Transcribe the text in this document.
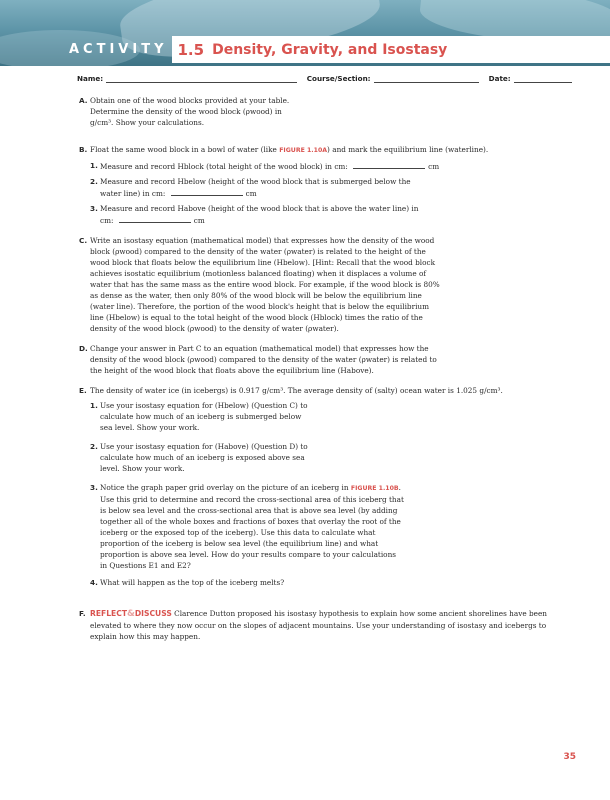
ACTIVITY 1.5 Density, Gravity, and Isostasy
Name:	Course/Section:	Date:
A. Obtain one of the wood blocks provided at your table. Determine the density of the wood block (ρwood) in g/cm³. Show your calculations.
B. Float the same wood block in a bowl of water (like FIGURE 1.10A) and mark the equilibrium line (waterline).
1. Measure and record Hblock (total height of the wood block) in cm:	cm
2. Measure and record Hbelow (height of the wood block that is submerged below the water line) in cm:	cm
3. Measure and record Habove (height of the wood block that is above the water line) in cm:	cm
C. Write an isostasy equation (mathematical model) that expresses how the density of the wood block (ρwood) compared to the density of the water (ρwater) is related to the height of the wood block that floats below the equilibrium line (Hbelow). [Hint: Recall that the wood block achieves isostatic equilibrium (motionless balanced floating) when it displaces a volume of water that has the same mass as the entire wood block. For example, if the wood block is 80% as dense as the water, then only 80% of the wood block will be below the equilibrium line (water line). Therefore, the portion of the wood block's height that is below the equilibrium line (Hbelow) is equal to the total height of the wood block (Hblock) times the ratio of the density of the wood block (ρwood) to the density of water (ρwater).
D. Change your answer in Part C to an equation (mathematical model) that expresses how the density of the wood block (ρwood) compared to the density of the water (ρwater) is related to the height of the wood block that floats above the equilibrium line (Habove).
E. The density of water ice (in icebergs) is 0.917 g/cm³. The average density of (salty) ocean water is 1.025 g/cm³.
1. Use your isostasy equation for (Hbelow) (Question C) to calculate how much of an iceberg is submerged below sea level. Show your work.
2. Use your isostasy equation for (Habove) (Question D) to calculate how much of an iceberg is exposed above sea level. Show your work.
3. Notice the graph paper grid overlay on the picture of an iceberg in FIGURE 1.10B. Use this grid to determine and record the cross-sectional area of this iceberg that is below sea level and the cross-sectional area that is above sea level (by adding together all of the whole boxes and fractions of boxes that overlay the root of the iceberg or the exposed top of the iceberg). Use this data to calculate what proportion of the iceberg is below sea level (the equilibrium line) and what proportion is above sea level. How do your results compare to your calculations in Questions E1 and E2?
4. What will happen as the top of the iceberg melts?
F. REFLECT&DISCUSS Clarence Dutton proposed his isostasy hypothesis to explain how some ancient shorelines have been elevated to where they now occur on the slopes of adjacent mountains. Use your understanding of isostasy and icebergs to explain how this may happen.
35
